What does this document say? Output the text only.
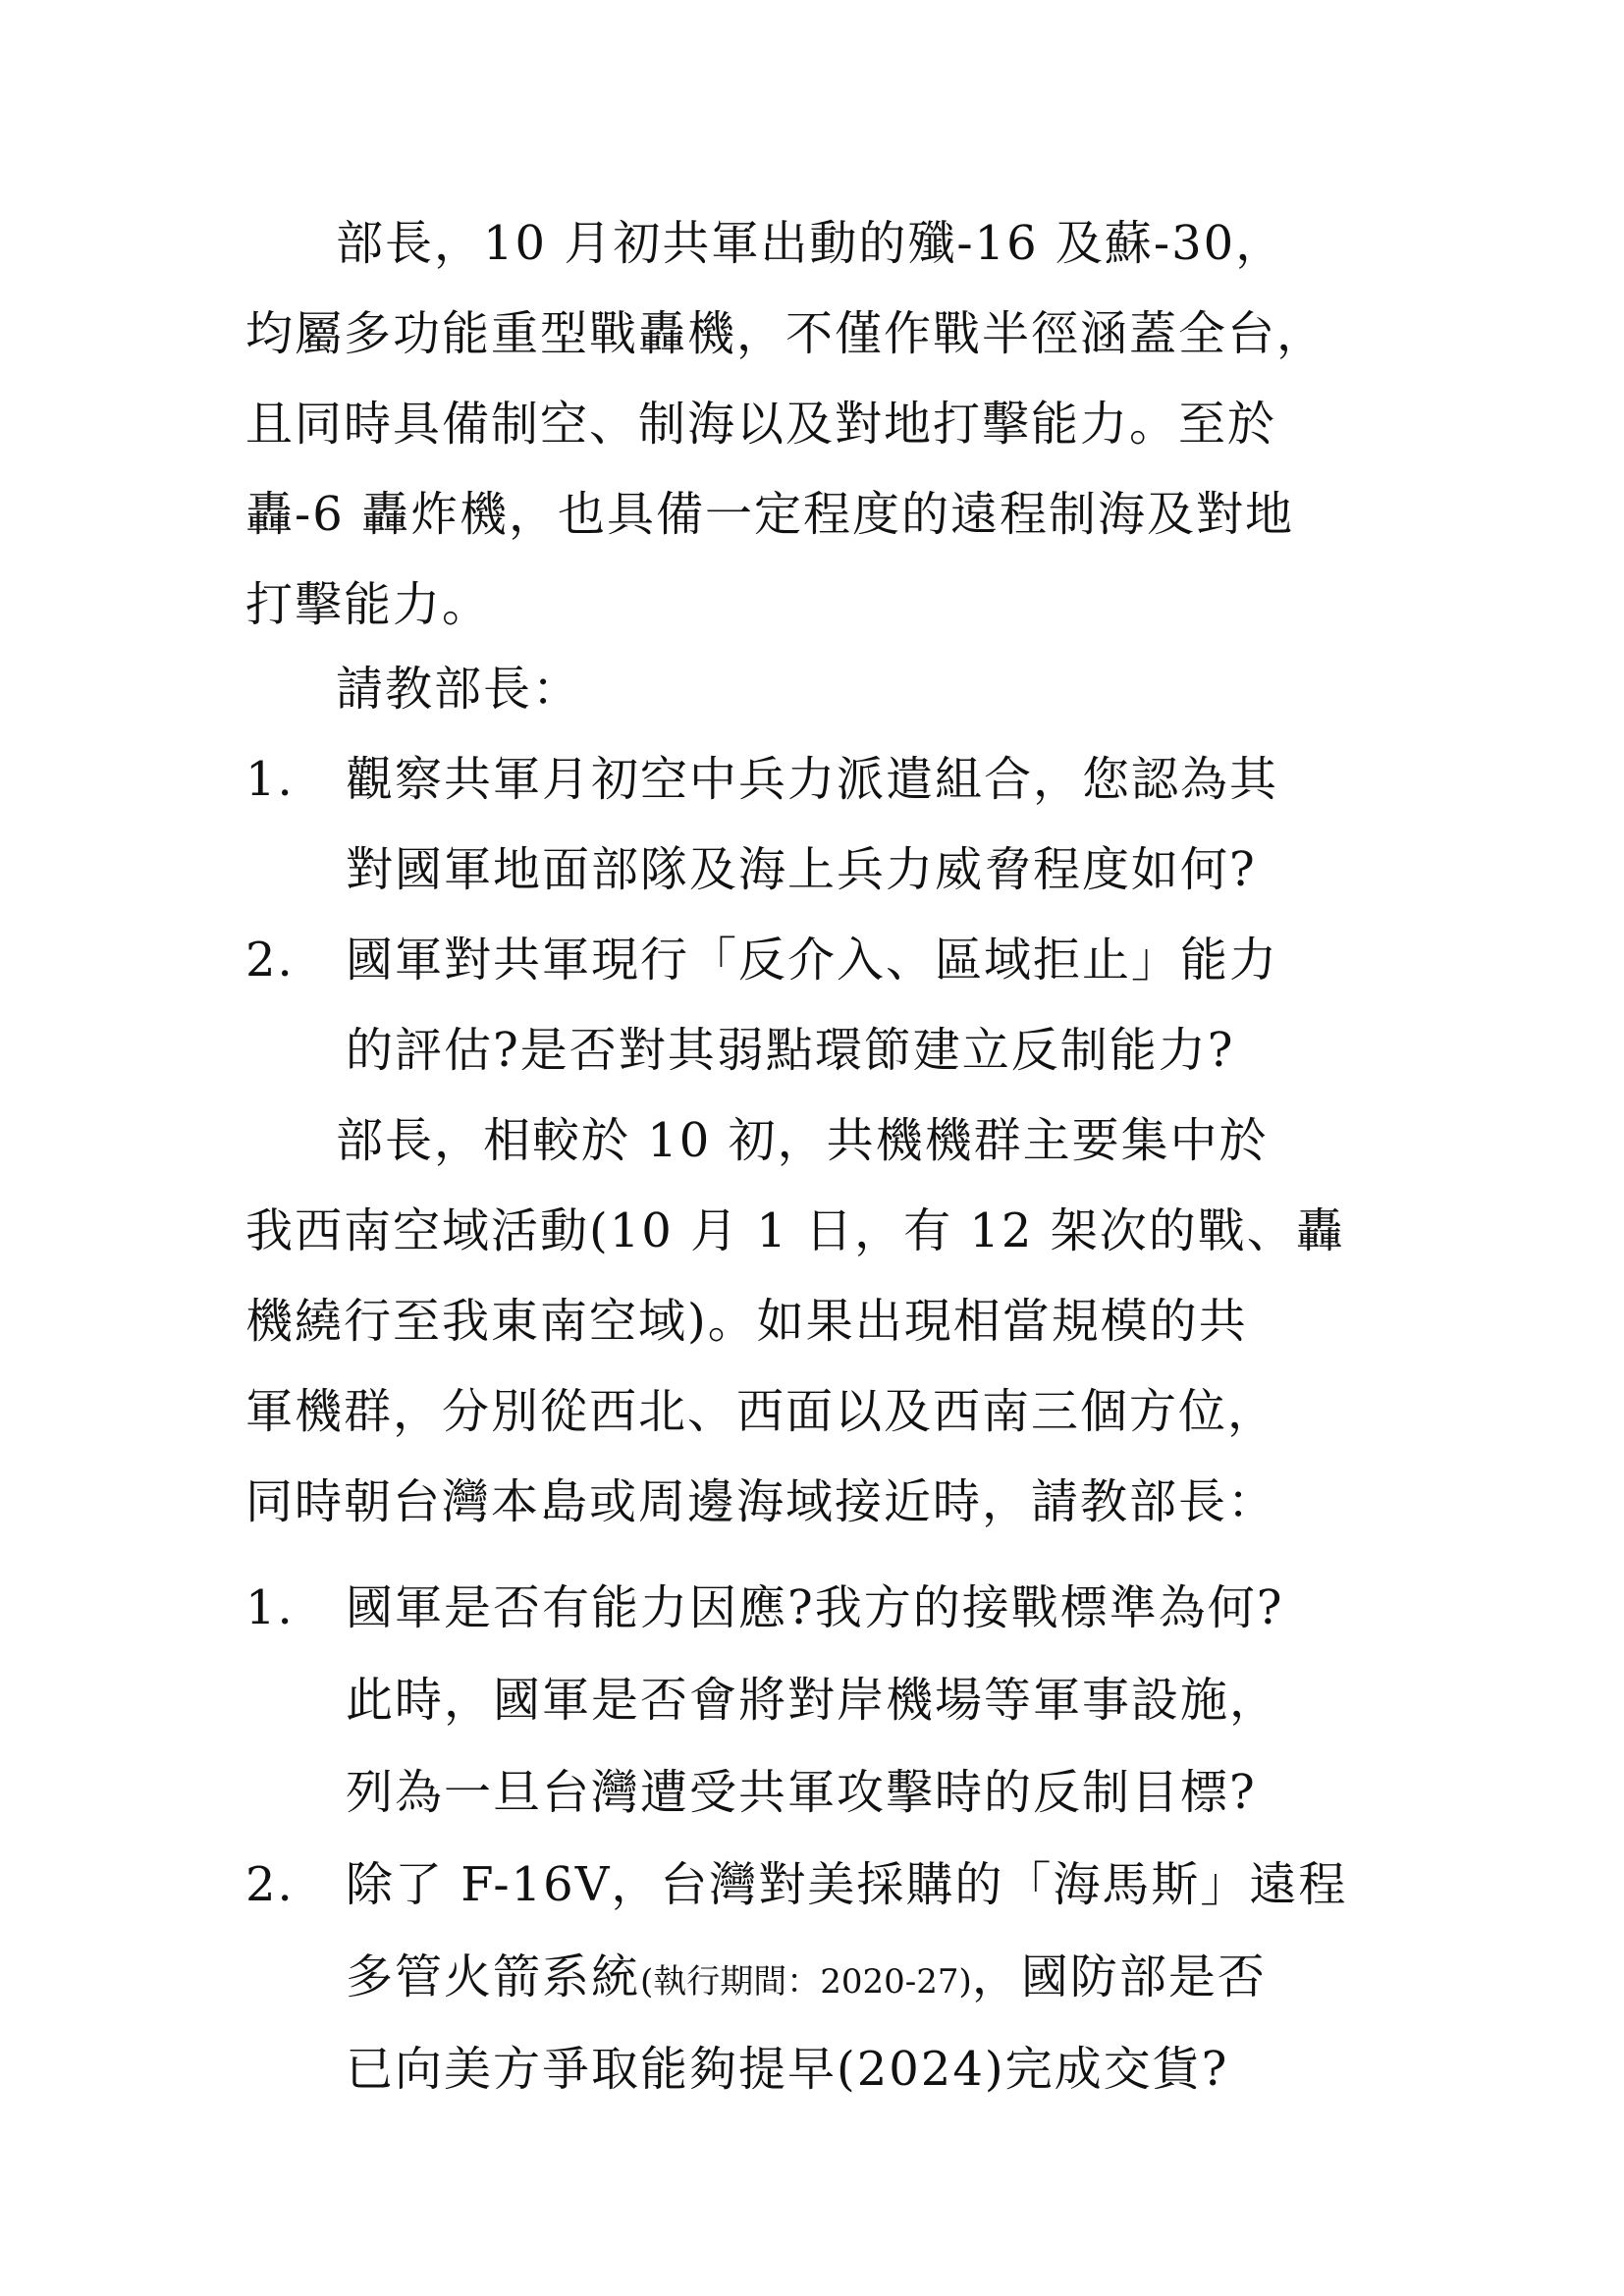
部長，10 月初共軍出動的殲-16 及蘇-30，
均屬多功能重型戰轟機，不僅作戰半徑涵蓋全台，
且同時具備制空、制海以及對地打擊能力。至於
轟-6 轟炸機，也具備一定程度的遠程制海及對地
打擊能力。
請教部長：
1. 觀察共軍月初空中兵力派遣組合，您認為其
對國軍地面部隊及海上兵力威脅程度如何?
2. 國軍對共軍現行「反介入、區域拒止」能力
的評估?是否對其弱點環節建立反制能力?
部長，相較於 10 初，共機機群主要集中於
我西南空域活動(10 月 1 日，有 12 架次的戰、轟
機繞行至我東南空域)。如果出現相當規模的共
軍機群，分別從西北、西面以及西南三個方位，
同時朝台灣本島或周邊海域接近時，請教部長：
1. 國軍是否有能力因應?我方的接戰標準為何?
此時，國軍是否會將對岸機場等軍事設施，
列為一旦台灣遭受共軍攻擊時的反制目標?
2. 除了 F-16V，台灣對美採購的「海馬斯」遠程
多管火箭系統(執行期間：2020-27)，國防部是否
已向美方爭取能夠提早(2024)完成交貨?
